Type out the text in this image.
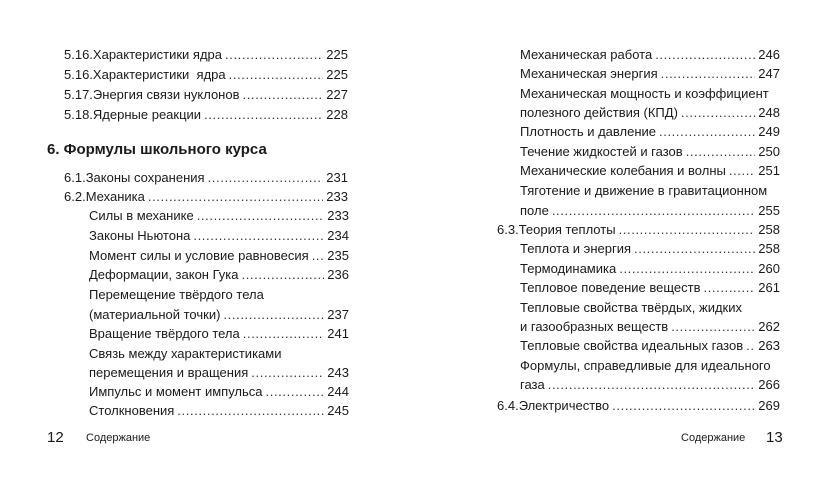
5.16. Характеристики ядра . . .	225
5.16. Характеристики  ядра . . .	225
5.17. Энергия связи нуклонов . . .	227
5.18. Ядерные реакции . . .	228
6. Формулы школьного курса
6.1. Законы сохранения . . .	231
6.2. Механика . . .	233
Силы в механике . . .	233
Законы Ньютона . . .	234
Момент силы и условие равновесия . . . 235
Деформации, закон Гука . . .	236
Перемещение твёрдого тела
(материальной точки) . . .	237
Вращение твёрдого тела . . .	241
Связь между характеристиками
перемещения и вращения . . .	243
Импульс и момент импульса . . .	244
Столкновения . . .	245
12 Содержание
Механическая работа . . .	246
Механическая энергия . . .	247
Механическая мощность и коэффициент
полезного действия (КПД) . . .	248
Плотность и давление . . .	249
Течение жидкостей и газов . . .	250
Механические колебания и волны . . . 251
Тяготение и движение в гравитационном
поле . . .	255
6.3. Теория теплоты . . .	258
Теплота и энергия . . .	258
Термодинамика . . .	260
Тепловое поведение веществ . . .	261
Тепловые свойства твёрдых, жидких
и газообразных веществ . . .	262
Тепловые свойства идеальных газов . . . 263
Формулы, справедливые для идеального
газа . . .	266
6.4. Электричество . . .	269
Содержание 13
